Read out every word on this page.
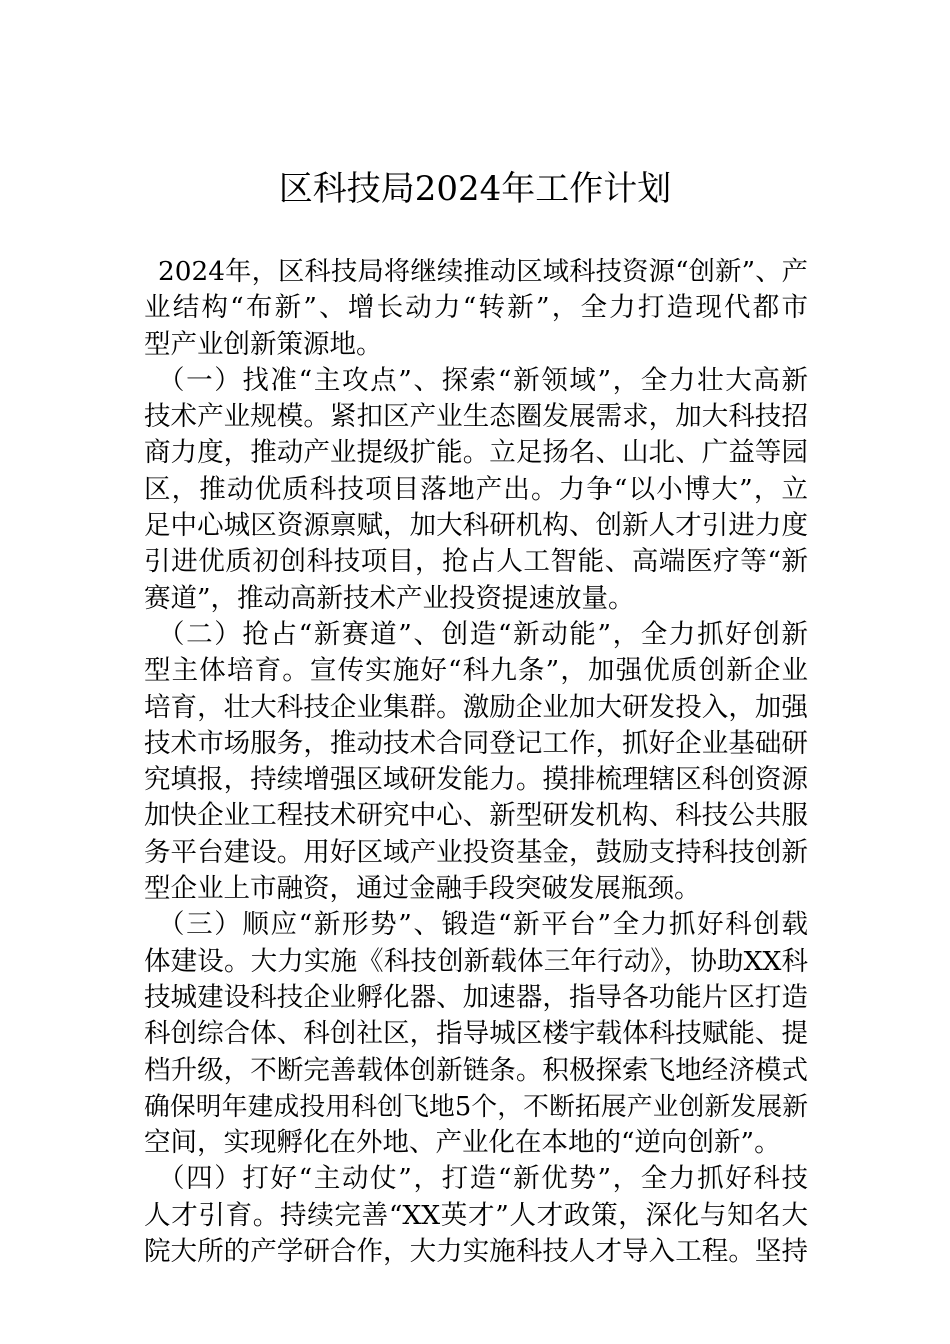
区科技局2024年工作计划
2024年，区科技局将继续推动区域科技资源“创新”、产
业结构“布新”、增长动力“转新”，全力打造现代都市
型产业创新策源地。
（一）找准“主攻点”、探索“新领域”，全力壮大高新
技术产业规模。紧扣区产业生态圈发展需求，加大科技招
商力度，推动产业提级扩能。立足扬名、山北、广益等园
区，推动优质科技项目落地产出。力争“以小博大”，立
足中心城区资源禀赋，加大科研机构、创新人才引进力度
引进优质初创科技项目，抢占人工智能、高端医疗等“新
赛道”，推动高新技术产业投资提速放量。
（二）抢占“新赛道”、创造“新动能”，全力抓好创新
型主体培育。宣传实施好“科九条”，加强优质创新企业
培育，壮大科技企业集群。激励企业加大研发投入，加强
技术市场服务，推动技术合同登记工作，抓好企业基础研
究填报，持续增强区域研发能力。摸排梳理辖区科创资源
加快企业工程技术研究中心、新型研发机构、科技公共服
务平台建设。用好区域产业投资基金，鼓励支持科技创新
型企业上市融资，通过金融手段突破发展瓶颈。
（三）顺应“新形势”、锻造“新平台”全力抓好科创载
体建设。大力实施《科技创新载体三年行动》，协助XX科
技城建设科技企业孵化器、加速器，指导各功能片区打造
科创综合体、科创社区，指导城区楼宇载体科技赋能、提
档升级，不断完善载体创新链条。积极探索飞地经济模式
确保明年建成投用科创飞地5个，不断拓展产业创新发展新
空间，实现孵化在外地、产业化在本地的“逆向创新”。
（四）打好“主动仗”，打造“新优势”，全力抓好科技
人才引育。持续完善“XX英才”人才政策，深化与知名大
院大所的产学研合作，大力实施科技人才导入工程。坚持
